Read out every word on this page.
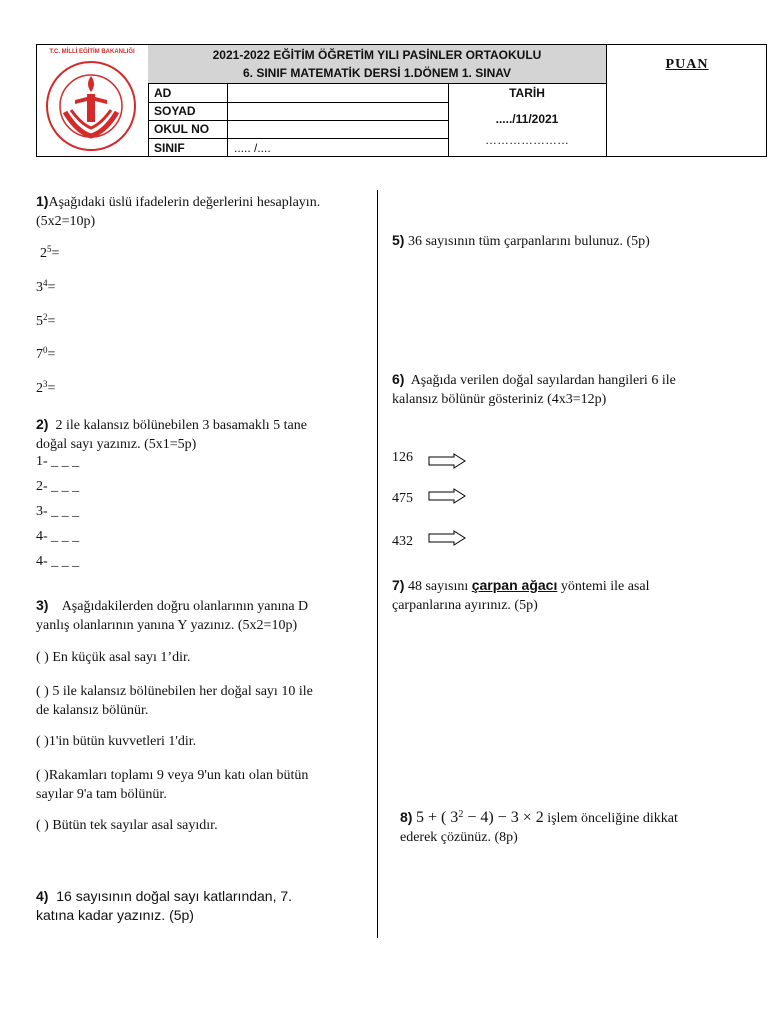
T.C. MİLLİ EĞİTİM BAKANLIĞI	2021-2022 EĞİTİM ÖĞRETİM YILI PASİNLER ORTAOKULU
6. SINIF MATEMATİK DERSİ 1.DÖNEM 1. SINAV
AD
SOYAD
OKUL NO
SINIF	..... /....
TARİH
...../11/2021
…………………
PUAN
1)Aşağıdaki üslü ifadelerin değerlerini hesaplayın.
(5x2=10p)
$2^5=$
$3^4=$
$5^2=$
$7^0=$
$2^3=$
2) 2 ile kalansız bölünebilen 3 basamaklı 5 tane
doğal sayı yazınız. (5x1=5p)
1- _ _ _
2- _ _ _
3- _ _ _
4- _ _ _
4- _ _ _
3) Aşağıdakilerden doğru olanlarının yanına D
yanlış olanlarının yanına Y yazınız. (5x2=10p)
( ) En küçük asal sayı 1’dir.
( ) 5 ile kalansız bölünebilen her doğal sayı 10 ile
de kalansız bölünür.
( )1'in bütün kuvvetleri 1'dir.
( )Rakamları toplamı 9 veya 9'un katı olan bütün
sayılar 9'a tam bölünür.
( ) Bütün tek sayılar asal sayıdır.
4) 16 sayısının doğal sayı katlarından, 7.
katına kadar yazınız. (5p)
5) 36 sayısının tüm çarpanlarını bulunuz. (5p)
6) Aşağıda verilen doğal sayılardan hangileri 6 ile
kalansız bölünür gösteriniz (4x3=12p)
126
475
432
7) 48 sayısını çarpan ağacı yöntemi ile asal
çarpanlarına ayırınız. (5p)
8) 5 + ( $3^2 - 4) - 3 \times 2$ işlem önceliğine dikkat
ederek çözünüz. (8p)
